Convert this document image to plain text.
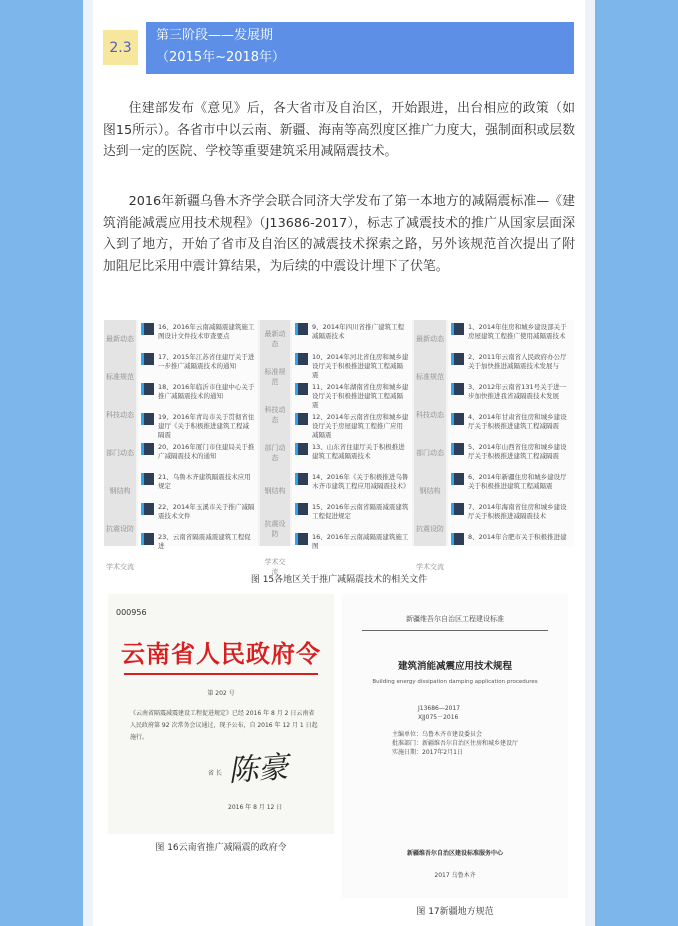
2.3
第三阶段——发展期
（2015年~2018年）

住建部发布《意见》后，各大省市及自治区，开始跟进，出台相应的政策（如图15所示）。各省市中以云南、新疆、海南等高烈度区推广力度大，强制面积或层数达到一定的医院、学校等重要建筑采用减隔震技术。

2016年新疆乌鲁木齐学会联合同济大学发布了第一本地方的减隔震标准—《建筑消能减震应用技术规程》（J13686-2017），标志了减震技术的推广从国家层面深入到了地方，开始了省市及自治区的减震技术探索之路，另外该规范首次提出了附加阻尼比采用中震计算结果，为后续的中震设计埋下了伏笔。

最新动态
标准规范
科技动态
部门动态
钢结构
抗震设防
学术交流
16、2016年云南减隔震建筑施工图设计文件技术审查要点
17、2015年江苏省住建厅关于进一步推广减隔震技术的通知
18、2016年临沂市住建中心关于推广减隔震技术的通知
19、2016年青岛市关于贯彻省住建厅《关于积极推进建筑工程减隔震
20、2016年厦门市住建局关于推广减隔震技术的通知
21、乌鲁木齐建筑隔震技术应用规定
22、2014年玉溪市关于推广减隔震技术文件
23、云南省隔震减震建筑工程促进
最新动态
标准规范
科技动态
部门动态
钢结构
抗震设防
学术交流
9、2014年四川省推广建筑工程减隔震技术
10、2014年河北省住房和城乡建设厅关于积极推进建筑工程减隔震
11、2014年湖南省住房和城乡建设厅关于积极推进建筑工程减隔震
12、2014年云南省住房和城乡建设厅关于房屋建筑工程推广应用减隔震
13、山东省住建厅关于积极推进建筑工程减隔震技术
14、2016年《关于积极推进乌鲁木齐市建筑工程应用减隔震技术》
15、2016年云南省隔震减震建筑工程促进规定
16、2016年云南减隔震建筑施工图
最新动态
标准规范
科技动态
部门动态
钢结构
抗震设防
学术交流
1、2014年住房和城乡建设部关于房屋建筑工程推广使用减隔震技术
2、2011年云南省人民政府办公厅关于加快推进减隔震技术发展与
3、2012年云南省131号关于进一步加快推进我省减隔震技术发展
4、2014年甘肃省住房和城乡建设厅关于积极推进建筑工程减隔震
5、2014年山西省住房和城乡建设厅关于积极推进建筑工程减隔震
6、2014年新疆住房和城乡建设厅关于积极推进建筑工程减隔震
7、2014年海南省住房和城乡建设厅关于积极推进减隔震技术
8、2014年合肥市关于积极推进建
图 15各地区关于推广减隔震技术的相关文件
000956
云南省人民政府令
第 202 号
《云南省隔震减震建设工程促进规定》已经 2016 年 8 月 2 日云南省人民政府第 92 次常务会议通过，现予公布，自 2016 年 12 月 1 日起施行。
省 长 陈豪
2016 年 8 月 12 日
图 16云南省推广减隔震的政府令
新疆维吾尔自治区工程建设标准
建筑消能减震应用技术规程
Building energy dissipation damping application procedures
J13686—2017
XJJ075－2016
主编单位：乌鲁木齐市建设委员会
批准部门：新疆维吾尔自治区住房和城乡建设厅
实施日期：2017年2月1日
新疆维吾尔自治区建设标准服务中心
2017 乌鲁木齐
图 17新疆地方规范
